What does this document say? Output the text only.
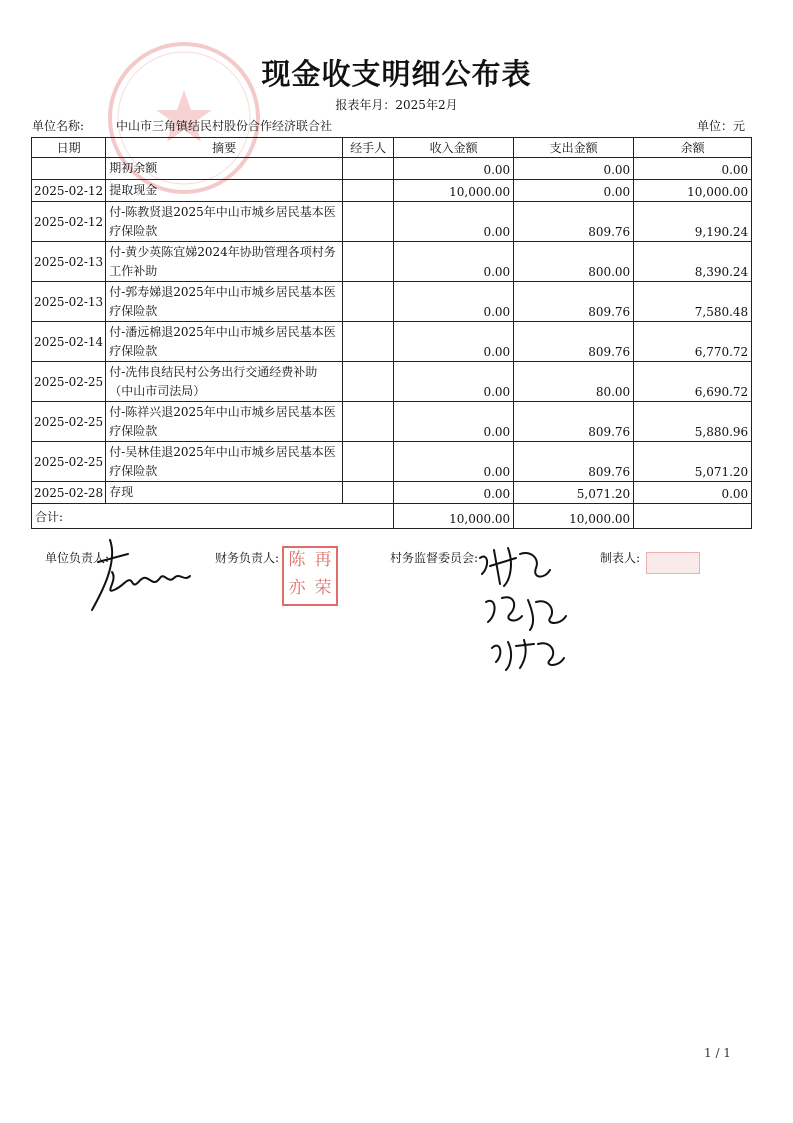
现金收支明细公布表
报表年月：2025年2月
单位名称:	中山市三角镇结民村股份合作经济联合社	单位：元
日期	摘要	经手人	收入金额	支出金额	余额
	期初余额		0.00	0.00	0.00
2025-02-12	提取现金		10,000.00	0.00	10,000.00
2025-02-12	付-陈教贤退2025年中山市城乡居民基本医疗保险款		0.00	809.76	9,190.24
2025-02-13	付-黄少英陈宜娣2024年协助管理各项村务工作补助		0.00	800.00	8,390.24
2025-02-13	付-郭寿娣退2025年中山市城乡居民基本医疗保险款		0.00	809.76	7,580.48
2025-02-14	付-潘远棉退2025年中山市城乡居民基本医疗保险款		0.00	809.76	6,770.72
2025-02-25	付-冼伟良结民村公务出行交通经费补助（中山市司法局）		0.00	80.00	6,690.72
2025-02-25	付-陈祥兴退2025年中山市城乡居民基本医疗保险款		0.00	809.76	5,880.96
2025-02-25	付-吴林佳退2025年中山市城乡居民基本医疗保险款		0.00	809.76	5,071.20
2025-02-28	存现		0.00	5,071.20	0.00
合计:			10,000.00	10,000.00	
单位负责人:	财务负责人:	村务监督委员会:	制表人:
陈 再
亦 荣
1 / 1
